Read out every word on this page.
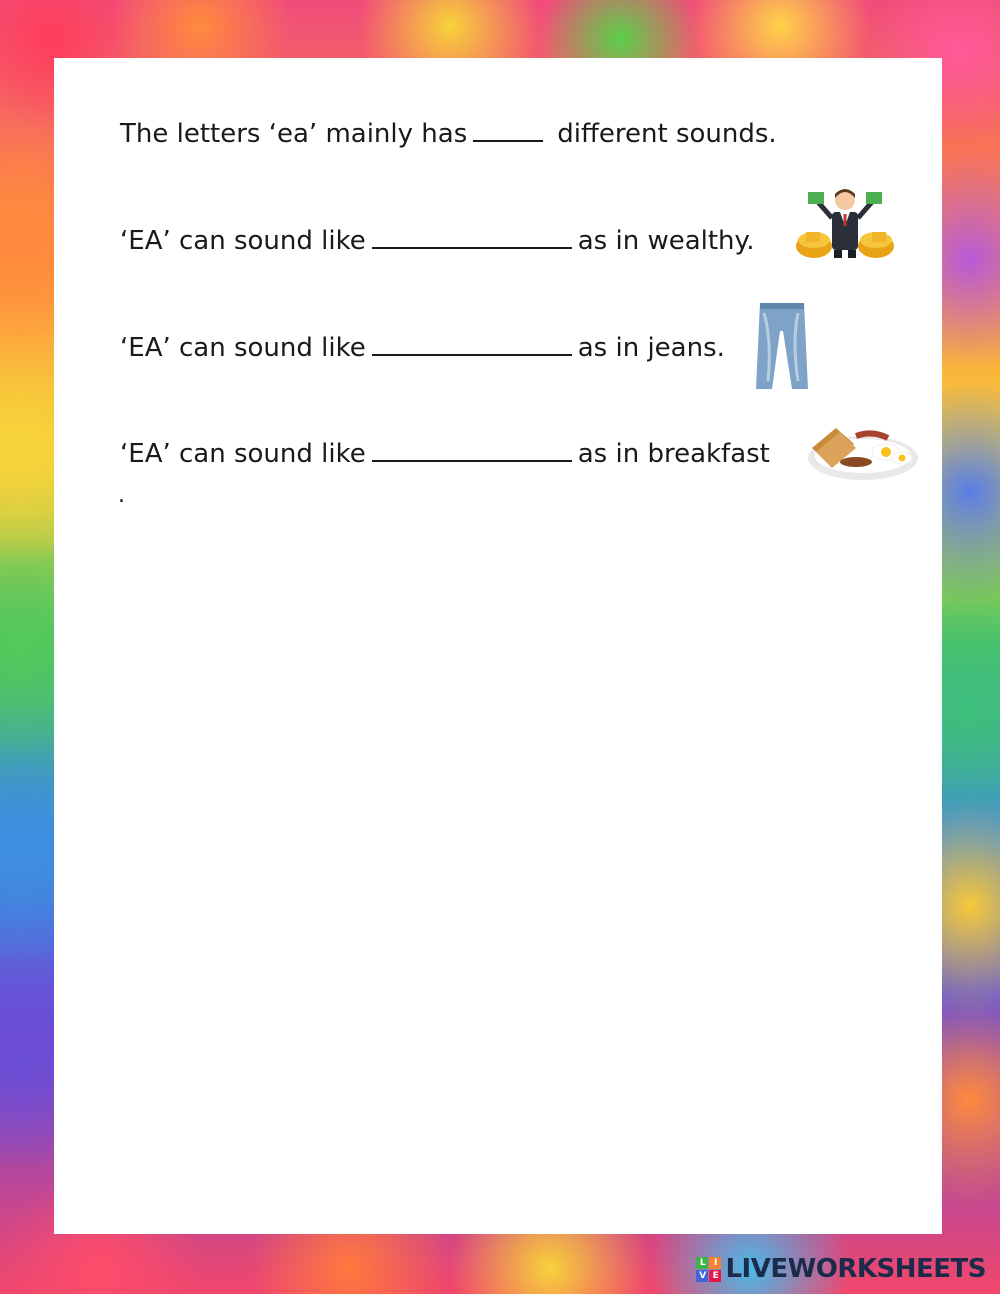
The letters ‘ea’ mainly has	different sounds.
‘EA’ can sound like	as in wealthy.
‘EA’ can sound like	as in jeans.
‘EA’ can sound like	as in breakfast
.
L I
V E LIVEWORKSHEETS
